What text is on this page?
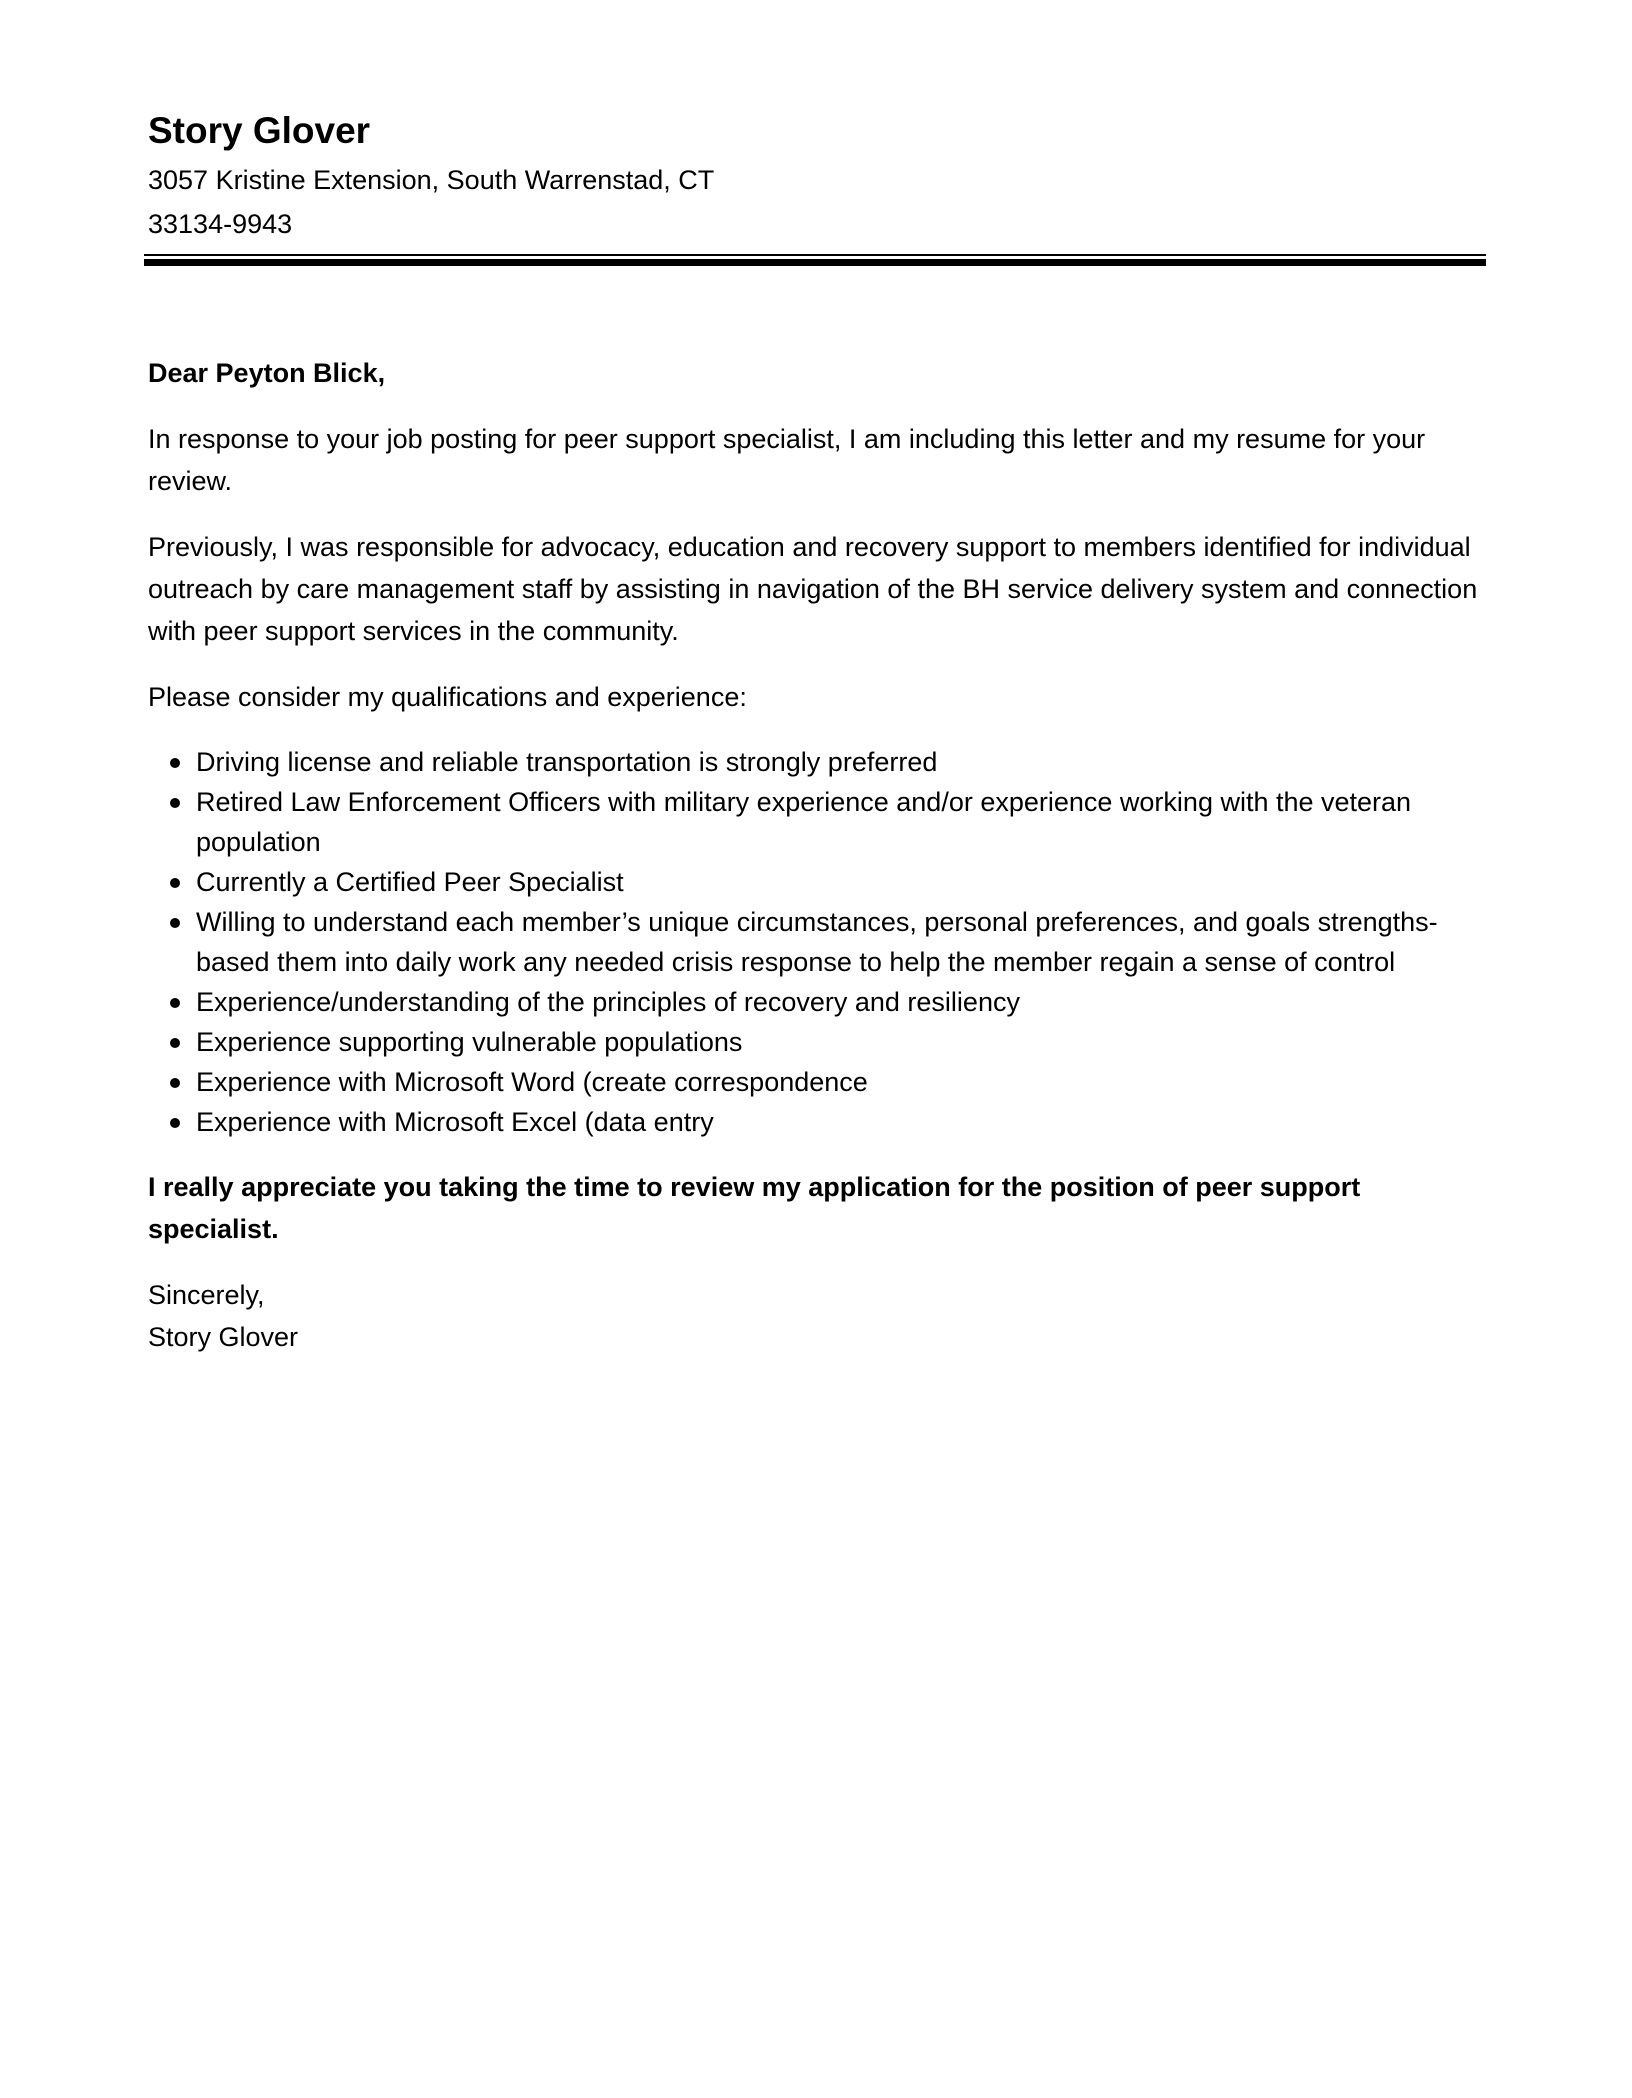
Story Glover
3057 Kristine Extension, South Warrenstad, CT
33134-9943

Dear Peyton Blick,

In response to your job posting for peer support specialist, I am including this letter and my resume for your review.

Previously, I was responsible for advocacy, education and recovery support to members identified for individual outreach by care management staff by assisting in navigation of the BH service delivery system and connection with peer support services in the community.

Please consider my qualifications and experience:

Driving license and reliable transportation is strongly preferred
Retired Law Enforcement Officers with military experience and/or experience working with the veteran population
Currently a Certified Peer Specialist
Willing to understand each member’s unique circumstances, personal preferences, and goals strengths-based them into daily work any needed crisis response to help the member regain a sense of control
Experience/understanding of the principles of recovery and resiliency
Experience supporting vulnerable populations
Experience with Microsoft Word (create correspondence
Experience with Microsoft Excel (data entry

I really appreciate you taking the time to review my application for the position of peer support specialist.

Sincerely,

Story Glover
